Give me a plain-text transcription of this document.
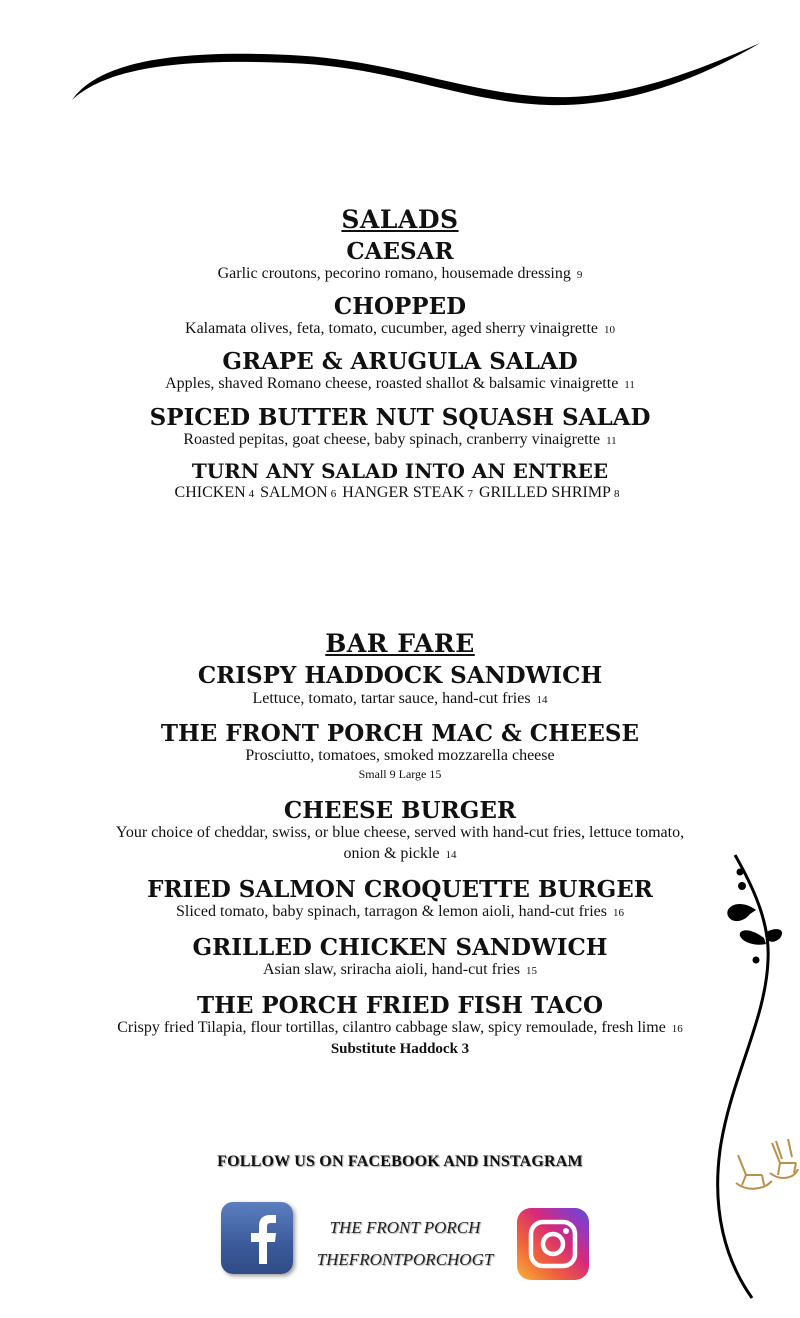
SALADS
CAESAR
Garlic croutons, pecorino romano, housemade dressing 9
CHOPPED
Kalamata olives, feta, tomato, cucumber, aged sherry vinaigrette 10
GRAPE & ARUGULA SALAD
Apples, shaved Romano cheese, roasted shallot & balsamic vinaigrette 11
SPICED BUTTER NUT SQUASH SALAD
Roasted pepitas, goat cheese, baby spinach, cranberry vinaigrette 11
TURN ANY SALAD INTO AN ENTREE
CHICKEN 4 SALMON 6 HANGER STEAK 7 GRILLED SHRIMP 8
BAR FARE
CRISPY HADDOCK SANDWICH
Lettuce, tomato, tartar sauce, hand-cut fries 14
THE FRONT PORCH MAC & CHEESE
Prosciutto, tomatoes, smoked mozzarella cheese
Small 9 Large 15
CHEESE BURGER
Your choice of cheddar, swiss, or blue cheese, served with hand-cut fries, lettuce tomato,
onion & pickle 14
FRIED SALMON CROQUETTE BURGER
Sliced tomato, baby spinach, tarragon & lemon aioli, hand-cut fries 16
GRILLED CHICKEN SANDWICH
Asian slaw, sriracha aioli, hand-cut fries 15
THE PORCH FRIED FISH TACO
Crispy fried Tilapia, flour tortillas, cilantro cabbage slaw, spicy remoulade, fresh lime 16
Substitute Haddock 3
FOLLOW US ON FACEBOOK AND INSTAGRAM
THE FRONT PORCH
THEFRONTPORCHOGT
